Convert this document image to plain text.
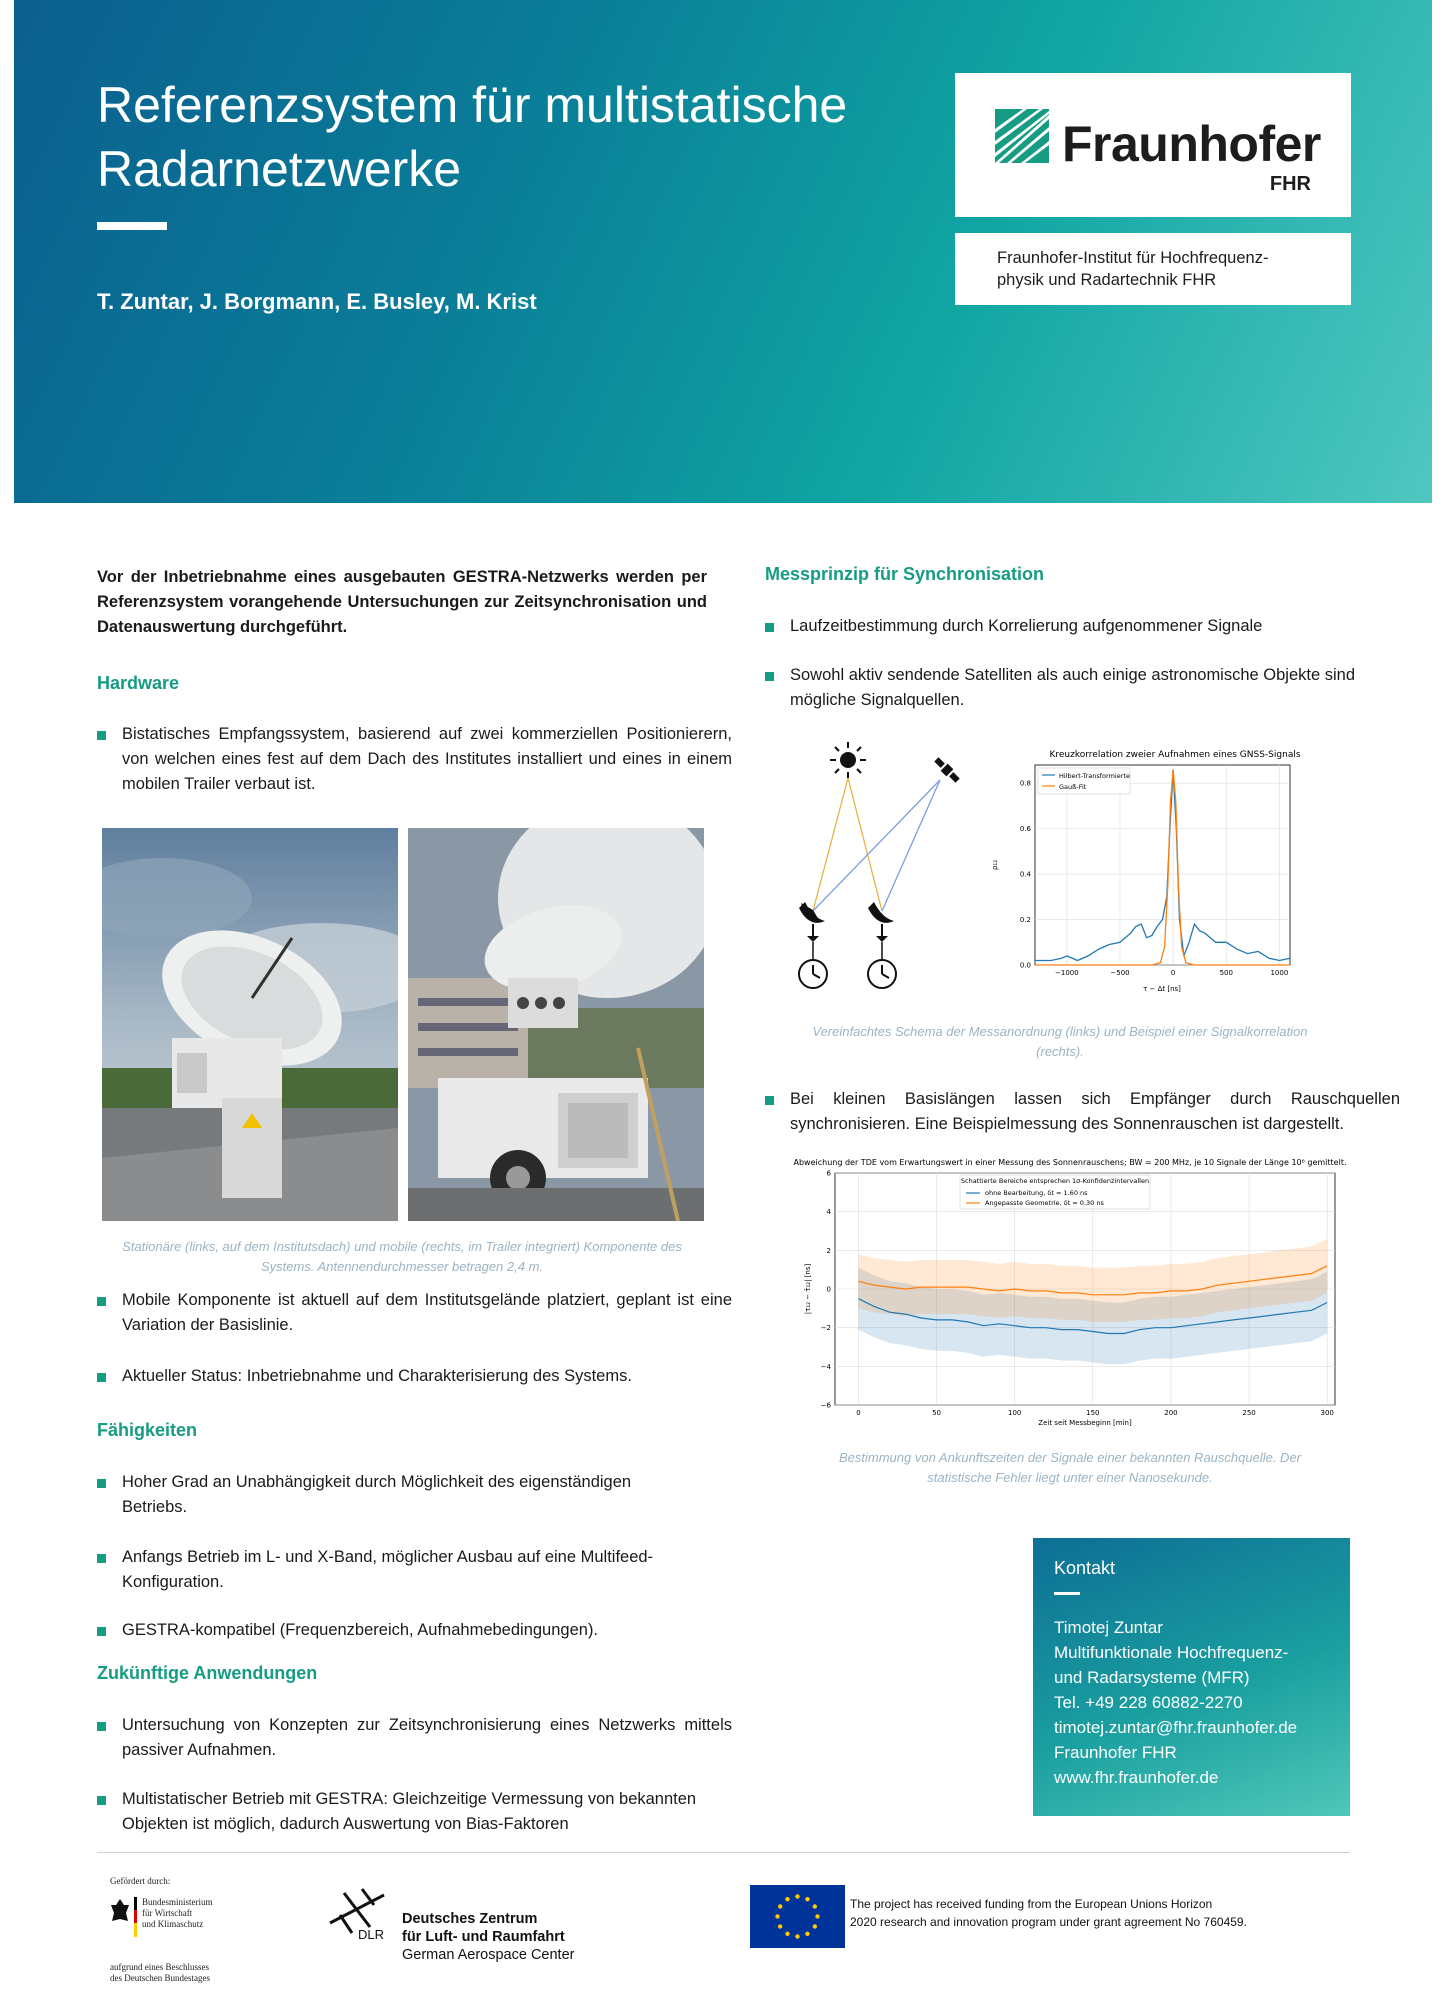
Referenzsystem für multistatische
Radarnetzwerke
T. Zuntar, J. Borgmann, E. Busley, M. Krist
Fraunhofer
FHR
Fraunhofer-Institut für Hochfrequenz-
physik und Radartechnik FHR
Vor der Inbetriebnahme eines ausgebauten GESTRA-Netzwerks werden per Referenzsystem vorangehende Untersuchungen zur Zeitsynchronisation und Datenauswertung durchgeführt.
Hardware
Bistatisches Empfangssystem, basierend auf zwei kommerziellen Positionierern, von welchen eines fest auf dem Dach des Institutes installiert und eines in einem mobilen Trailer verbaut ist.
Stationäre (links, auf dem Institutsdach) und mobile (rechts, im Trailer integriert) Komponente des Systems. Antennendurchmesser betragen 2,4 m.
Mobile Komponente ist aktuell auf dem Institutsgelände platziert, geplant ist eine Variation der Basislinie.
Aktueller Status: Inbetriebnahme und Charakterisierung des Systems.
Fähigkeiten
Hoher Grad an Unabhängigkeit durch Möglichkeit des eigenständigen Betriebs.
Anfangs Betrieb im L- und X-Band, möglicher Ausbau auf eine Multifeed-Konfiguration.
GESTRA-kompatibel (Frequenzbereich, Aufnahmebedingungen).
Zukünftige Anwendungen
Untersuchung von Konzepten zur Zeitsynchronisierung eines Netzwerks mittels passiver Aufnahmen.
Multistatischer Betrieb mit GESTRA: Gleichzeitige Vermessung von bekannten Objekten ist möglich, dadurch Auswertung von Bias-Faktoren
Messprinzip für Synchronisation
Laufzeitbestimmung durch Korrelierung aufgenommener Signale
Sowohl aktiv sendende Satelliten als auch einige astronomische Objekte sind mögliche Signalquellen.
Kreuzkorrelation zweier Aufnahmen eines GNSS-Signals
−1000	−500	0	500	1000
0.0
0.2
0.4
0.6
0.8
τ − Δt [ns]
ρ₁₂
Hilbert-Transformierte
Gauß-Fit
Vereinfachtes Schema der Messanordnung (links) und Beispiel einer Signalkorrelation (rechts).
Bei kleinen Basislängen lassen sich Empfänger durch Rauschquellen synchronisieren. Eine Beispielmessung des Sonnenrauschen ist dargestellt.
Abweichung der TDE vom Erwartungswert in einer Messung des Sonnenrauschens; BW = 200 MHz, je 10 Signale der Länge 10⁶ gemittelt.
0	50	100	150	200	250	300
−6
−4
−2
0
2
4
6
Zeit seit Messbeginn [min]
|τ₁₂ − τ̄₁₂| [ns]
Schattierte Bereiche entsprechen 1σ-Konfidenzintervallen
ohne Bearbeitung, δt = 1.60 ns
Angepasste Geometrie, δt = 0.30 ns
Bestimmung von Ankunftszeiten der Signale einer bekannten Rauschquelle. Der statistische Fehler liegt unter einer Nanosekunde.
Kontakt
Timotej Zuntar
Multifunktionale Hochfrequenz-
und Radarsysteme (MFR)
Tel. +49 228 60882-2270
timotej.zuntar@fhr.fraunhofer.de
Fraunhofer FHR
www.fhr.fraunhofer.de
Gefördert durch:
Bundesministerium
für Wirtschaft
und Klimaschutz
aufgrund eines Beschlusses
des Deutschen Bundestages
DLR
Deutsches Zentrum
für Luft- und Raumfahrt
German Aerospace Center
The project has received funding from the European Unions Horizon
2020 research and innovation program under grant agreement No 760459.
